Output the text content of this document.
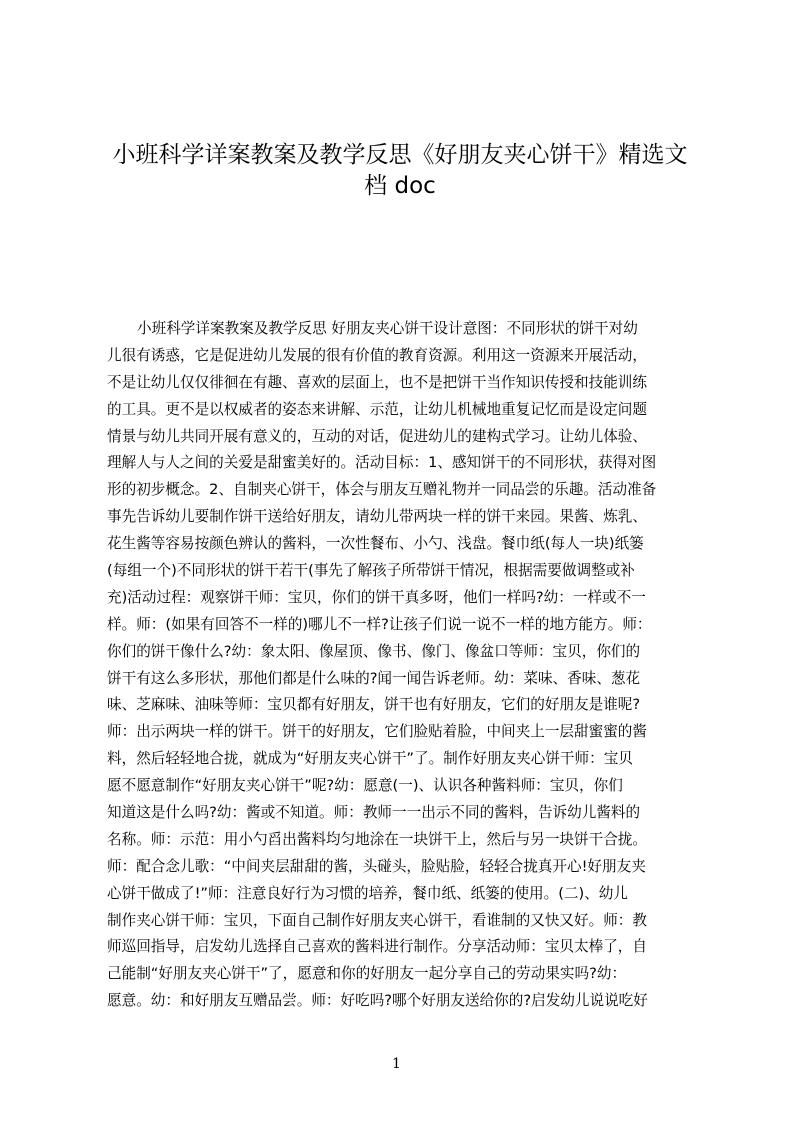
小班科学详案教案及教学反思《好朋友夹心饼干》精选文
档 doc
小班科学详案教案及教学反思 好朋友夹心饼干设计意图：不同形状的饼干对幼
儿很有诱惑，它是促进幼儿发展的很有价值的教育资源。利用这一资源来开展活动，
不是让幼儿仅仅徘徊在有趣、喜欢的层面上，也不是把饼干当作知识传授和技能训练
的工具。更不是以权威者的姿态来讲解、示范，让幼儿机械地重复记忆而是设定问题
情景与幼儿共同开展有意义的，互动的对话，促进幼儿的建构式学习。让幼儿体验、
理解人与人之间的关爱是甜蜜美好的。活动目标：1、感知饼干的不同形状，获得对图
形的初步概念。2、自制夹心饼干，体会与朋友互赠礼物并一同品尝的乐趣。活动准备
事先告诉幼儿要制作饼干送给好朋友，请幼儿带两块一样的饼干来园。果酱、炼乳、
花生酱等容易按颜色辨认的酱料，一次性餐布、小勺、浅盘。餐巾纸(每人一块)纸篓
(每组一个)不同形状的饼干若干(事先了解孩子所带饼干情况，根据需要做调整或补
充)活动过程：观察饼干师：宝贝，你们的饼干真多呀，他们一样吗?幼：一样或不一
样。师：(如果有回答不一样的)哪儿不一样?让孩子们说一说不一样的地方能方。师：
你们的饼干像什么?幼：象太阳、像屋顶、像书、像门、像盆口等师：宝贝，你们的
饼干有这么多形状，那他们都是什么味的?闻一闻告诉老师。幼：菜味、香味、葱花
味、芝麻味、油味等师：宝贝都有好朋友，饼干也有好朋友，它们的好朋友是谁呢?
师：出示两块一样的饼干。饼干的好朋友，它们脸贴着脸，中间夹上一层甜蜜蜜的酱
料，然后轻轻地合拢，就成为“好朋友夹心饼干”了。制作好朋友夹心饼干师：宝贝
愿不愿意制作“好朋友夹心饼干”呢?幼：愿意(一)、认识各种酱料师：宝贝，你们
知道这是什么吗?幼：酱或不知道。师：教师一一出示不同的酱料，告诉幼儿酱料的
名称。师：示范：用小勺舀出酱料均匀地涂在一块饼干上，然后与另一块饼干合拢。
师：配合念儿歌：“中间夹层甜甜的酱，头碰头，脸贴脸，轻轻合拢真开心!好朋友夹
心饼干做成了!”师：注意良好行为习惯的培养，餐巾纸、纸篓的使用。(二)、幼儿
制作夹心饼干师：宝贝，下面自己制作好朋友夹心饼干，看谁制的又快又好。师：教
师巡回指导，启发幼儿选择自己喜欢的酱料进行制作。分享活动师：宝贝太棒了，自
己能制“好朋友夹心饼干”了，愿意和你的好朋友一起分享自己的劳动果实吗?幼：
愿意。幼：和好朋友互赠品尝。师：好吃吗?哪个好朋友送给你的?启发幼儿说说吃好
1
